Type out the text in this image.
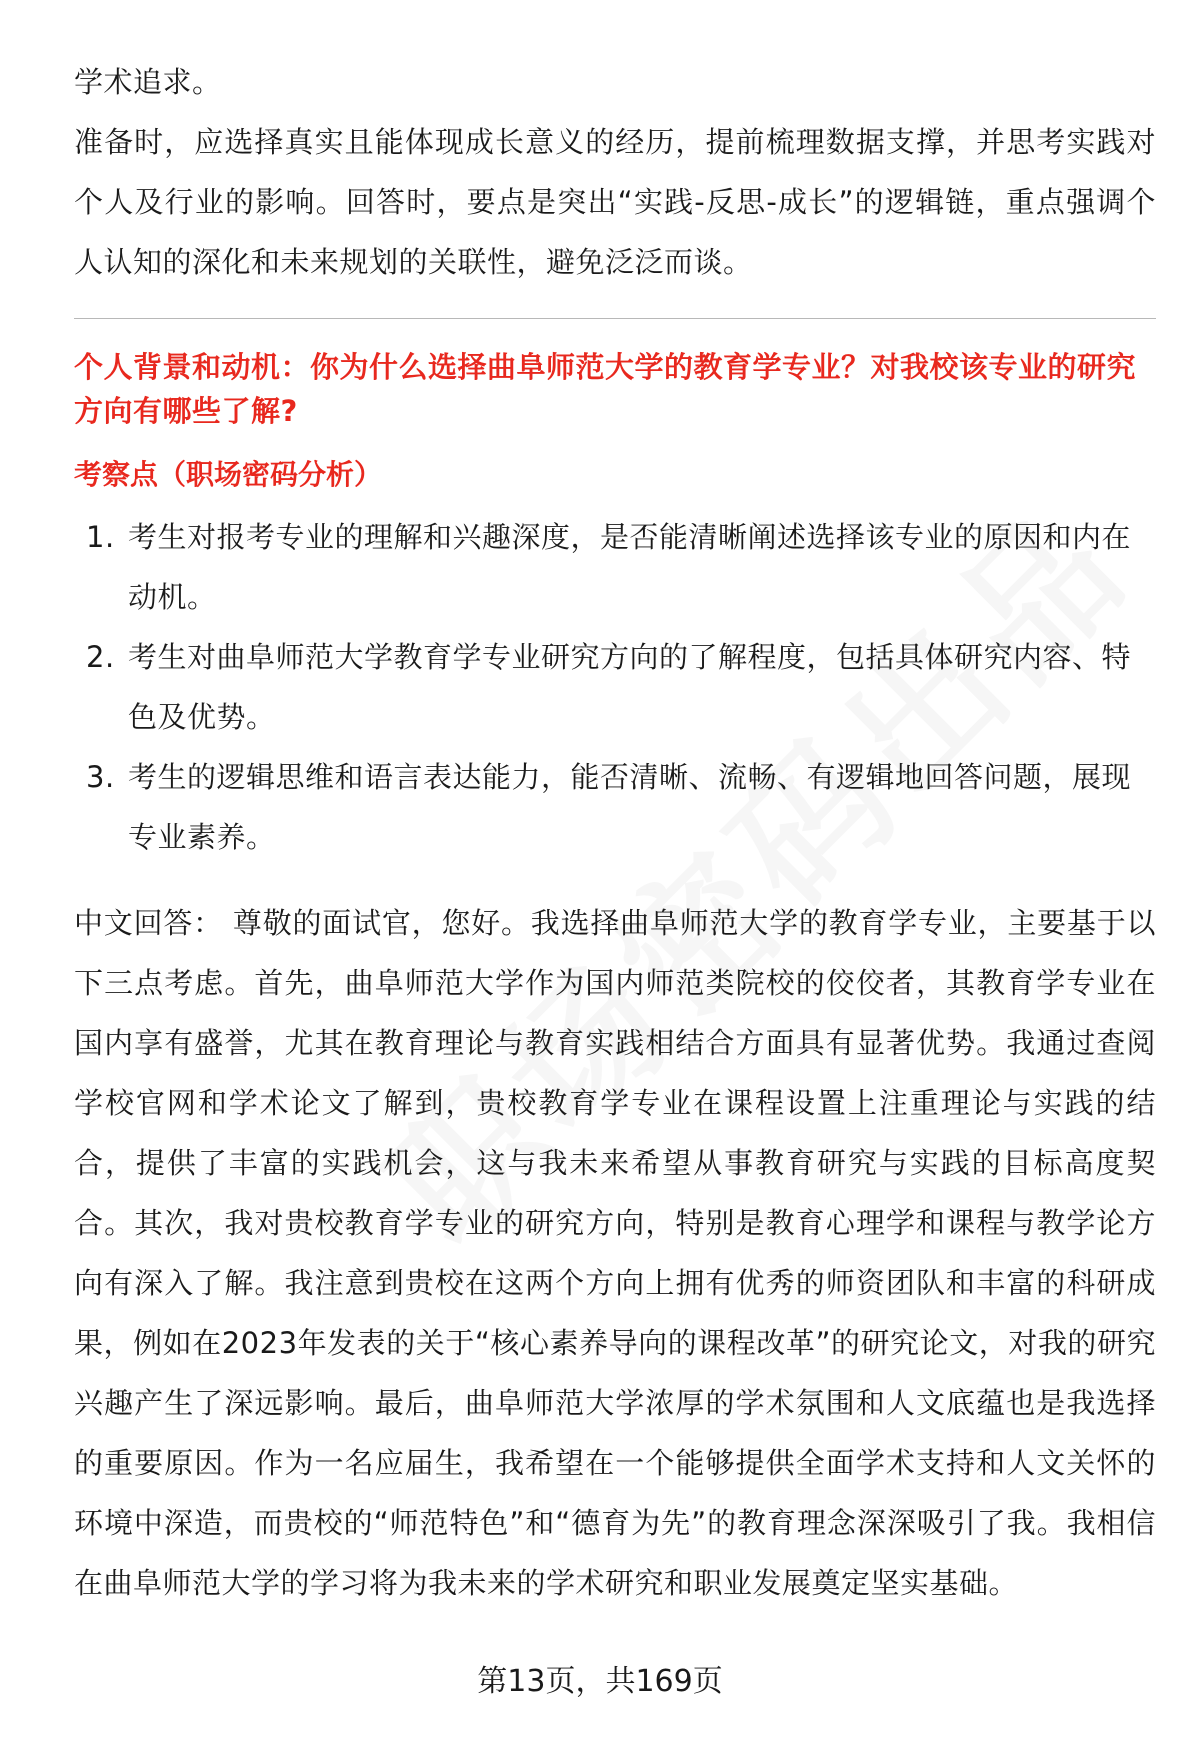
学术追求。

准备时，应选择真实且能体现成长意义的经历，提前梳理数据支撑，并思考实践对个人及行业的影响。回答时，要点是突出“实践-反思-成长”的逻辑链，重点强调个人认知的深化和未来规划的关联性，避免泛泛而谈。

个人背景和动机：你为什么选择曲阜师范大学的教育学专业？对我校该专业的研究方向有哪些了解?
考察点（职场密码分析）
1. 考生对报考专业的理解和兴趣深度，是否能清晰阐述选择该专业的原因和内在动机。
2. 考生对曲阜师范大学教育学专业研究方向的了解程度，包括具体研究内容、特色及优势。
3. 考生的逻辑思维和语言表达能力，能否清晰、流畅、有逻辑地回答问题，展现专业素养。

中文回答： 尊敬的面试官，您好。我选择曲阜师范大学的教育学专业，主要基于以下三点考虑。首先，曲阜师范大学作为国内师范类院校的佼佼者，其教育学专业在国内享有盛誉，尤其在教育理论与教育实践相结合方面具有显著优势。我通过查阅学校官网和学术论文了解到，贵校教育学专业在课程设置上注重理论与实践的结合，提供了丰富的实践机会，这与我未来希望从事教育研究与实践的目标高度契合。其次，我对贵校教育学专业的研究方向，特别是教育心理学和课程与教学论方向有深入了解。我注意到贵校在这两个方向上拥有优秀的师资团队和丰富的科研成果，例如在2023年发表的关于“核心素养导向的课程改革”的研究论文，对我的研究兴趣产生了深远影响。最后，曲阜师范大学浓厚的学术氛围和人文底蕴也是我选择的重要原因。作为一名应届生，我希望在一个能够提供全面学术支持和人文关怀的环境中深造，而贵校的“师范特色”和“德育为先”的教育理念深深吸引了我。我相信在曲阜师范大学的学习将为我未来的学术研究和职业发展奠定坚实基础。

第13页，共169页
